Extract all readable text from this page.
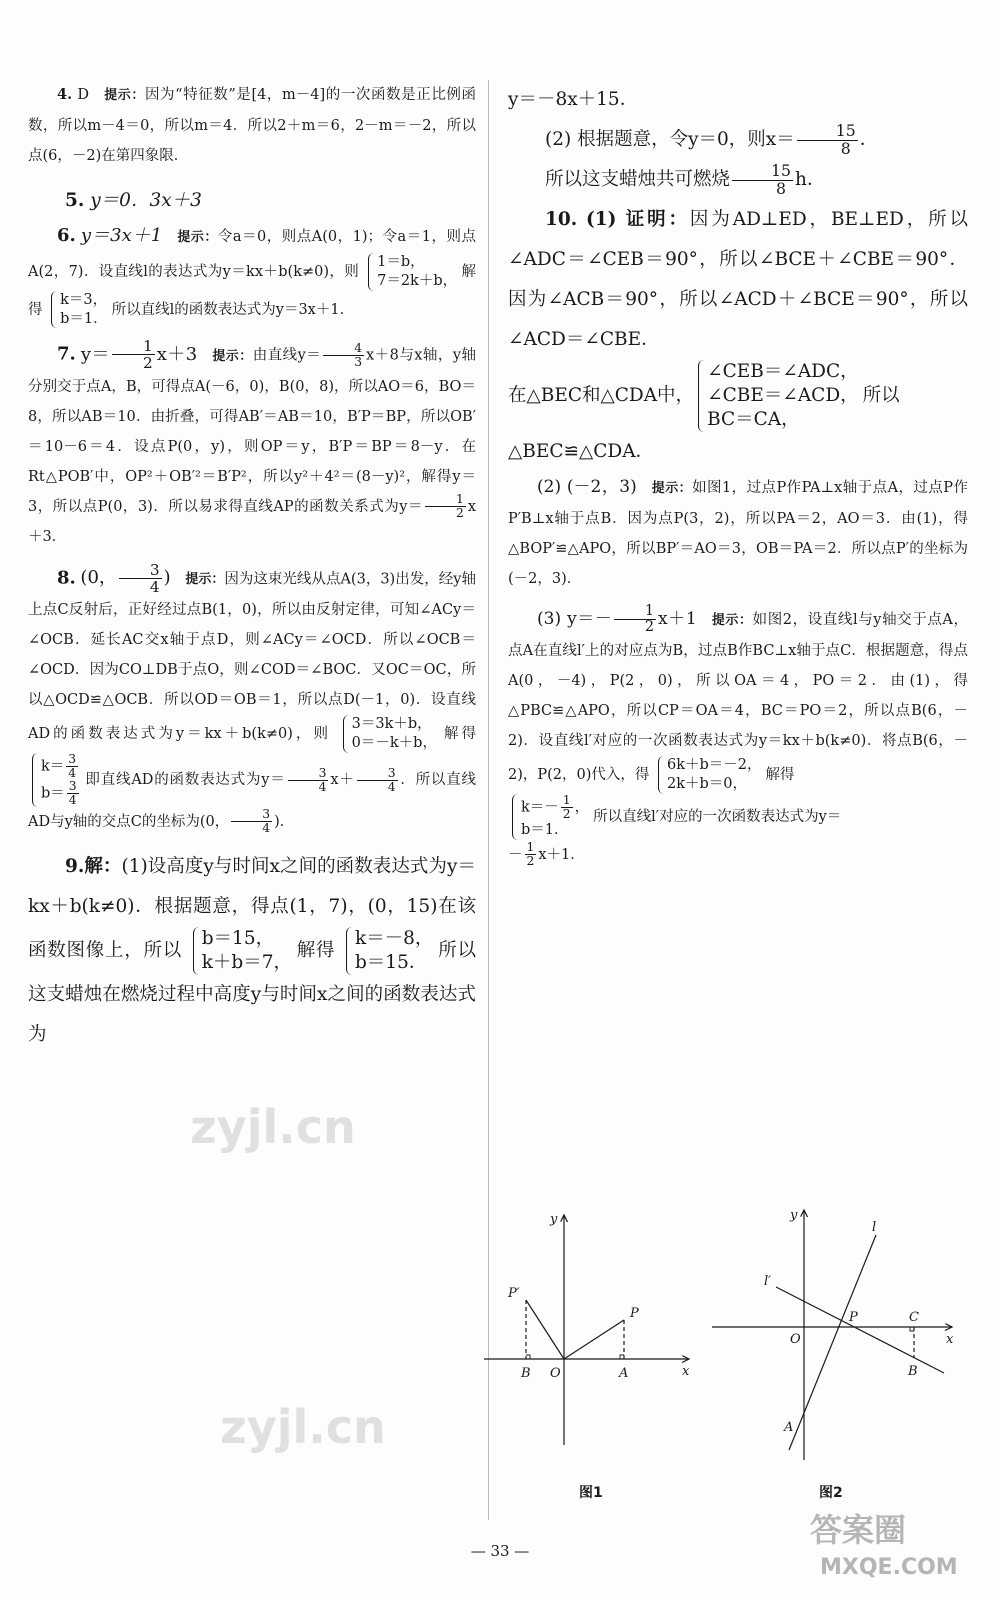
4. D 提示：因为“特征数”是[4，m－4]的一次函数是正比例函数，所以m－4＝0，所以m＝4．所以2＋m＝6，2－m＝－2，所以点(6，－2)在第四象限．

5. y＝0．3x＋3

6. y＝3x＋1 提示：令a＝0，则点A(0，1)；令a＝1，则点A(2，7)．设直线l的表达式为y＝kx＋b(k≠0)，则
1＝b，
7＝2k＋b，
解得
k＝3，
b＝1．
所以直线l的函数表达式为y＝3x＋1．

7. $y= \frac{1}{2} x+3$ 提示：由直线$y= \frac{4}{3} x+8$与x轴，y轴分别交于点A，B，可得点A(－6，0)，B(0，8)，所以AO＝6，BO＝8，所以AB＝10．由折叠，可得AB′＝AB＝10，B′P＝BP，所以OB′＝10－6＝4．设点P(0，y)，则OP＝y，B′P＝BP＝8－y．在Rt△POB′中，OP²＋OB′²＝B′P²，所以y²＋4²＝(8－y)²，解得y＝3，所以点P(0，3)．所以易求得直线AP的函数关系式为$y= \frac{1}{2} x+3$．

8. (0， $\frac{3}{4}$ ) 提示：因为这束光线从点A(3，3)出发，经y轴上点C反射后，正好经过点B(1，0)，所以由反射定律，可知∠ACy＝∠OCB．延长AC交x轴于点D，则∠ACy＝∠OCD．所以∠OCB＝∠OCD．因为CO⊥DB于点O，则∠COD＝∠BOC．又OC＝OC，所以△OCD≌△OCB．所以OD＝OB＝1，所以点D(－1，0)．设直线AD的函数表达式为y＝kx＋b(k≠0)，则
3＝3k＋b，
0＝－k＋b，
解得
$k= \frac{3}{4}$
$b= \frac{3}{4}$ 即直线AD的函数表达式为$y= \frac{3}{4} x+ \frac{3}{4}$ ．所以直线AD与y轴的交点C的坐标为(0， $\frac{3}{4}$ )．

9.解：(1)设高度y与时间x之间的函数表达式为y＝kx＋b(k≠0)．根据题意，得点(1，7)，(0，15)在该函数图像上，所以
b＝15，
k＋b＝7，
解得
k＝－8，
b＝15．
所以这支蜡烛在燃烧过程中高度y与时间x之间的函数表达式为

y＝－8x＋15．

(2) 根据题意，令y＝0，则$x= \frac{15}{8}$ ．

所以这支蜡烛共可燃烧 $\frac{15}{8}$ h．

10. (1) 证明：因为AD⊥ED，BE⊥ED，所以∠ADC＝∠CEB＝90°，所以∠BCE＋∠CBE＝90°．因为∠ACB＝90°，所以∠ACD＋∠BCE＝90°，所以∠ACD＝∠CBE．

在△BEC和△CDA中，
∠CEB＝∠ADC，
∠CBE＝∠ACD，
BC＝CA，
所以

△BEC≌△CDA．

(2) (－2，3) 提示：如图1，过点P作PA⊥x轴于点A，过点P作P′B⊥x轴于点B．因为点P(3，2)，所以PA＝2，AO＝3．由(1)，得△BOP′≌△APO，所以BP′＝AO＝3，OB＝PA＝2．所以点P′的坐标为(－2，3)．

(3) $y=- \frac{1}{2} x+1$ 提示：如图2，设直线l与y轴交于点A，点A在直线l′上的对应点为B，过点B作BC⊥x轴于点C．根据题意，得点A(0，－4)，P(2，0)，所以OA＝4，PO＝2．由(1)，得△PBC≌△APO，所以CP＝OA＝4，BC＝PO＝2，所以点B(6，－2)．设直线l′对应的一次函数表达式为y＝kx＋b(k≠0)．将点B(6，－2)，P(2，0)代入，得
6k＋b＝－2，
2k＋b＝0，
解得

$k=- \frac{1}{2}$ ，
b＝1．
所以直线l′对应的一次函数表达式为y＝

－ $\frac{1}{2} x+1$．

y
x
O	A
B
P
P′
图1
y
x
O
A
B
C
P
l
l′
图2
— 33 —
zyjl.cn
zyjl.cn
答案圈
MXQE.COM
